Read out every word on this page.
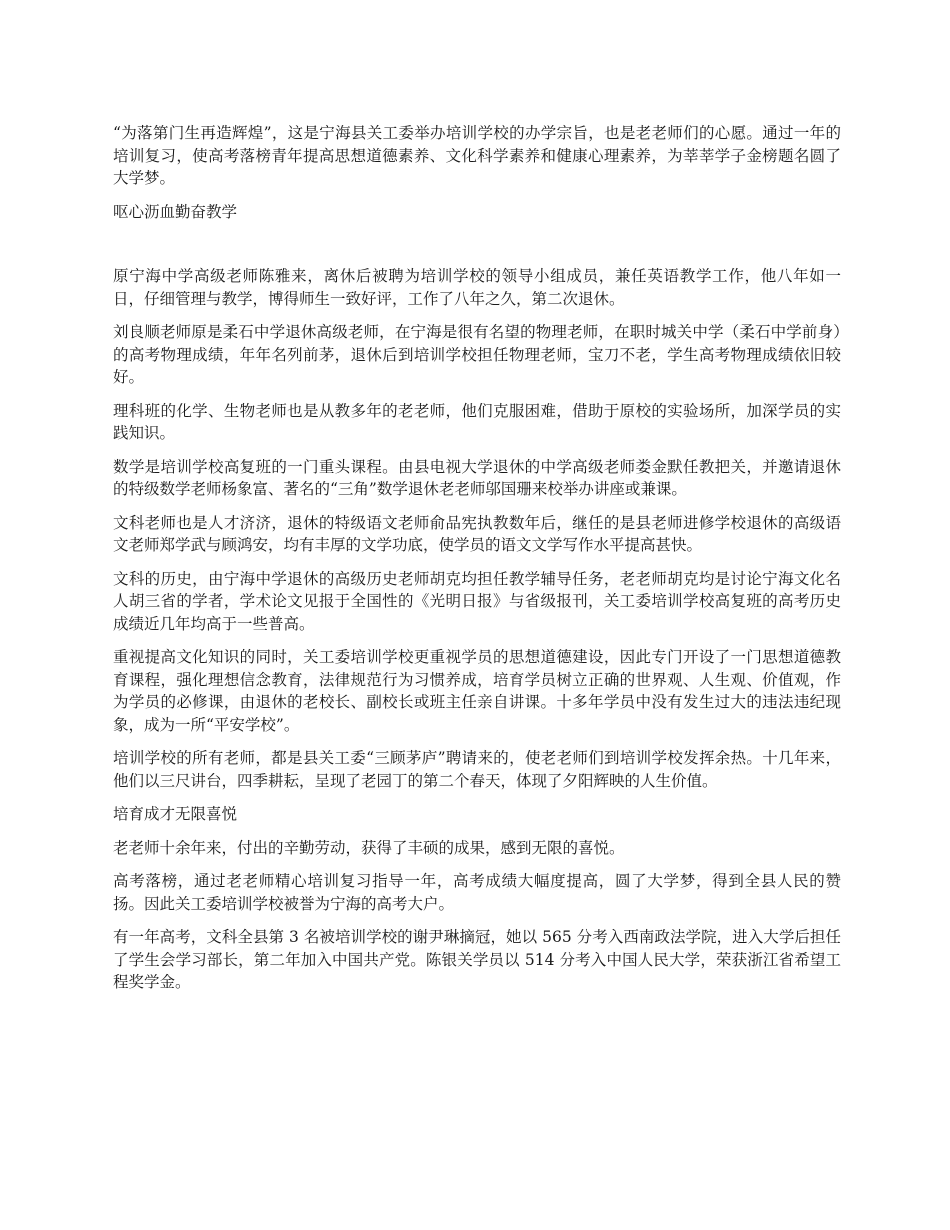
“为落第门生再造辉煌”，这是宁海县关工委举办培训学校的办学宗旨，也是老老师们的心愿。通过一年的培训复习，使高考落榜青年提高思想道德素养、文化科学素养和健康心理素养，为莘莘学子金榜题名圆了大学梦。

呕心沥血勤奋教学

原宁海中学高级老师陈雅来，离休后被聘为培训学校的领导小组成员，兼任英语教学工作，他八年如一日，仔细管理与教学，博得师生一致好评，工作了八年之久，第二次退休。

刘良顺老师原是柔石中学退休高级老师，在宁海是很有名望的物理老师，在职时城关中学（柔石中学前身）的高考物理成绩，年年名列前茅，退休后到培训学校担任物理老师，宝刀不老，学生高考物理成绩依旧较好。

理科班的化学、生物老师也是从教多年的老老师，他们克服困难，借助于原校的实验场所，加深学员的实践知识。

数学是培训学校高复班的一门重头课程。由县电视大学退休的中学高级老师娄金默任教把关，并邀请退休的特级数学老师杨象富、著名的“三角”数学退休老老师邬国珊来校举办讲座或兼课。

文科老师也是人才济济，退休的特级语文老师俞品宪执教数年后，继任的是县老师进修学校退休的高级语文老师郑学武与顾鸿安，均有丰厚的文学功底，使学员的语文文学写作水平提高甚快。

文科的历史，由宁海中学退休的高级历史老师胡克均担任教学辅导任务，老老师胡克均是讨论宁海文化名人胡三省的学者，学术论文见报于全国性的《光明日报》与省级报刊，关工委培训学校高复班的高考历史成绩近几年均高于一些普高。

重视提高文化知识的同时，关工委培训学校更重视学员的思想道德建设，因此专门开设了一门思想道德教育课程，强化理想信念教育，法律规范行为习惯养成，培育学员树立正确的世界观、人生观、价值观，作为学员的必修课，由退休的老校长、副校长或班主任亲自讲课。十多年学员中没有发生过大的违法违纪现象，成为一所“平安学校”。

培训学校的所有老师，都是县关工委“三顾茅庐”聘请来的，使老老师们到培训学校发挥余热。十几年来，他们以三尺讲台，四季耕耘，呈现了老园丁的第二个春天，体现了夕阳辉映的人生价值。

培育成才无限喜悦

老老师十余年来，付出的辛勤劳动，获得了丰硕的成果，感到无限的喜悦。

高考落榜，通过老老师精心培训复习指导一年，高考成绩大幅度提高，圆了大学梦，得到全县人民的赞扬。因此关工委培训学校被誉为宁海的高考大户。

有一年高考，文科全县第 3 名被培训学校的谢尹琳摘冠，她以 565 分考入西南政法学院，进入大学后担任了学生会学习部长，第二年加入中国共产党。陈银关学员以 514 分考入中国人民大学，荣获浙江省希望工程奖学金。
